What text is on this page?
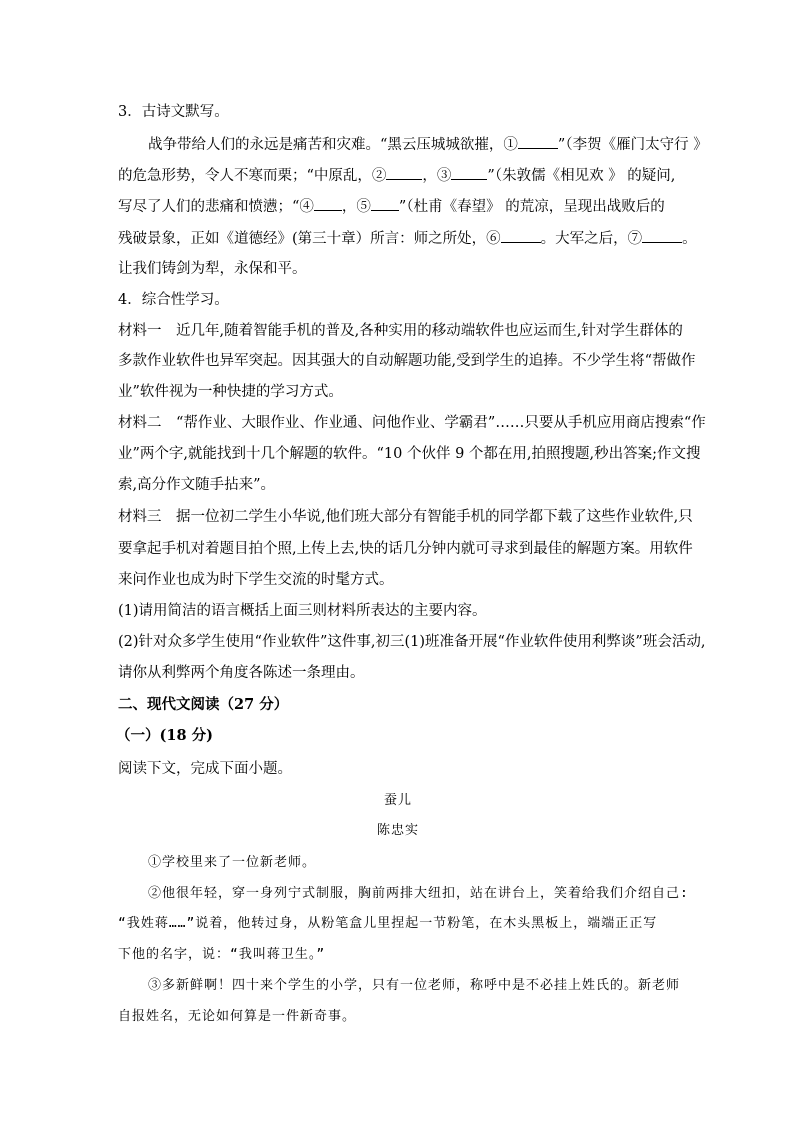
3．古诗文默写。
战争带给人们的永远是痛苦和灾难。“黑云压城城欲摧，①	”（李贺《雁门太守行 》
的危急形势，令人不寒而栗；“中原乱，② ，③ ”（朱敦儒《相见欢 》 的疑问,
写尽了人们的悲痛和愤懑；“④ ，⑤ ”（杜甫《春望》 的荒凉，呈现出战败后的
残破景象，正如《道德经》(第三十章）所言：师之所处，⑥	。大军之后，⑦	。
让我们铸剑为犁，永保和平。
4．综合性学习。
材料一　近几年,随着智能手机的普及,各种实用的移动端软件也应运而生,针对学生群体的
多款作业软件也异军突起。因其强大的自动解题功能,受到学生的追捧。不少学生将“帮做作
业”软件视为一种快捷的学习方式。
材料二　“帮作业、大眼作业、作业通、问他作业、学霸君”……只要从手机应用商店搜索“作
业”两个字,就能找到十几个解题的软件。“10 个伙伴 9 个都在用,拍照搜题,秒出答案;作文搜
索,高分作文随手拈来”。
材料三　据一位初二学生小华说,他们班大部分有智能手机的同学都下载了这些作业软件,只
要拿起手机对着题目拍个照,上传上去,快的话几分钟内就可寻求到最佳的解题方案。用软件
来问作业也成为时下学生交流的时髦方式。
(1)请用简洁的语言概括上面三则材料所表达的主要内容。
(2)针对众多学生使用“作业软件”这件事,初三(1)班准备开展“作业软件使用利弊谈”班会活动,
请你从利弊两个角度各陈述一条理由。
二、现代文阅读（27 分）
（一）(18 分)
阅读下文，完成下面小题。
蚕儿
陈忠实
①学校里来了一位新老师。
②他很年轻，穿一身列宁式制服，胸前两排大纽扣，站在讲台上，笑着给我们介绍自己:
“我姓蒋……”说着，他转过身，从粉笔盒儿里捏起一节粉笔，在木头黑板上，端端正正写
下他的名字，说：“我叫蒋卫生。”
③多新鲜啊！四十来个学生的小学，只有一位老师，称呼中是不必挂上姓氏的。新老师
自报姓名，无论如何算是一件新奇事。
